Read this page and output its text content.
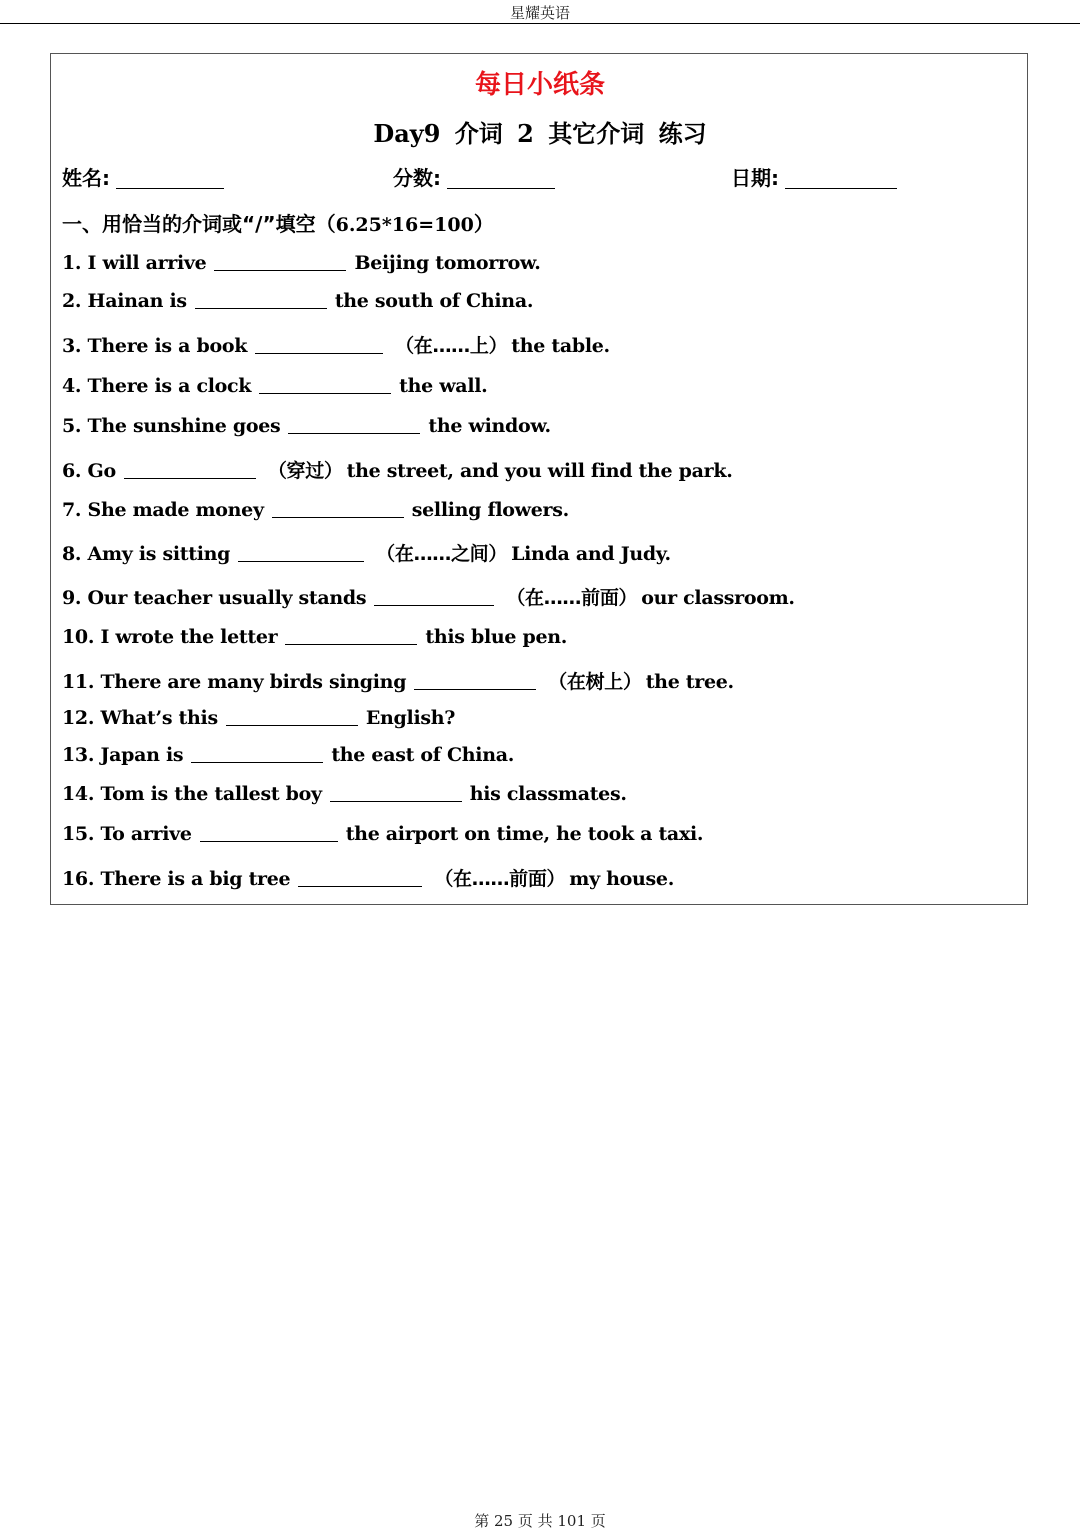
星耀英语
每日小纸条
Day9 介词 2 其它介词 练习
姓名:	分数:	日期:
一、用恰当的介词或“/”填空（6.25*16=100）
1. I will arrive	Beijing tomorrow.
2. Hainan is	the south of China.
3. There is a book	（在……上） the table.
4. There is a clock	the wall.
5. The sunshine goes	the window.
6. Go	（穿过） the street, and you will find the park.
7. She made money	selling flowers.
8. Amy is sitting	（在……之间） Linda and Judy.
9. Our teacher usually stands	（在……前面） our classroom.
10. I wrote the letter	this blue pen.
11. There are many birds singing	（在树上） the tree.
12. What’s this	English?
13. Japan is	the east of China.
14. Tom is the tallest boy	his classmates.
15. To arrive	the airport on time, he took a taxi.
16. There is a big tree	（在……前面） my house.
第 25 页 共 101 页
